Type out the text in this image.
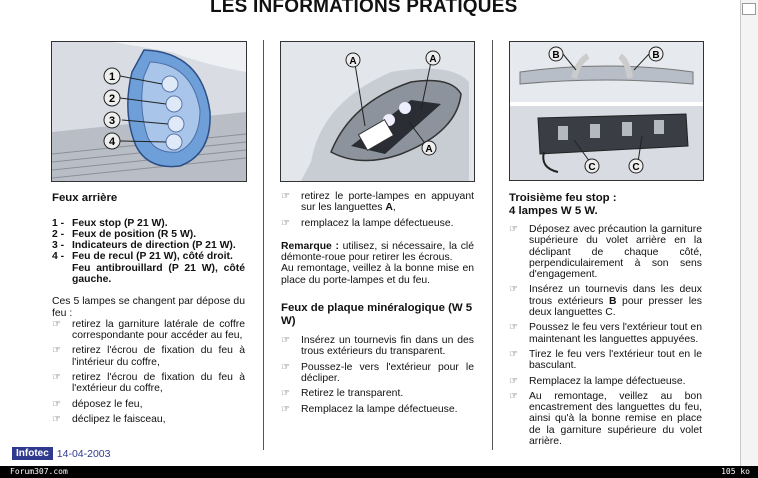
LES INFORMATIONS PRATIQUES
1
2
3
4
A	A
A
B	B
C	C
Feux arrière
1 - Feux stop (P 21 W).
2 - Feux de position (R 5 W).
3 - Indicateurs de direction (P 21 W).
4 - Feu de recul (P 21 W), côté droit.
Feu antibrouillard (P 21 W), côté gauche.

Ces 5 lampes se changent par dépose du feu :

☞	retirez la garniture latérale de coffre correspondante pour accéder au feu,
☞	retirez l'écrou de fixation du feu à l'intérieur du coffre,
☞	retirez l'écrou de fixation du feu à l'extérieur du coffre,
☞	déposez le feu,
☞	déclipez le faisceau,
☞	retirez le porte-lampes en appuyant sur les languettes A,
☞	remplacez la lampe défectueuse.

Remarque : utilisez, si nécessaire, la clé démonte-roue pour retirer les écrous.

Au remontage, veillez à la bonne mise en place du porte-lampes et du feu.

Feux de plaque minéralogique (W 5 W)
☞	Insérez un tournevis fin dans un des trous extérieurs du transparent.
☞	Poussez-le vers l'extérieur pour le décliper.
☞	Retirez le transparent.
☞	Remplacez la lampe défectueuse.
Troisième feu stop :
4 lampes W 5 W.
☞	Déposez avec précaution la garniture supérieure du volet arrière en la déclipant de chaque côté, perpendiculairement à son sens d'engagement.
☞	Insérez un tournevis dans les deux trous extérieurs B pour presser les deux languettes C.
☞	Poussez le feu vers l'extérieur tout en maintenant les languettes appuyées.
☞	Tirez le feu vers l'extérieur tout en le basculant.
☞	Remplacez la lampe défectueuse.
☞	Au remontage, veillez au bon encastrement des languettes du feu, ainsi qu'à la bonne remise en place de la garniture supérieure du volet arrière.
Infotec 14-04-2003
Forum307.com	105 ko
